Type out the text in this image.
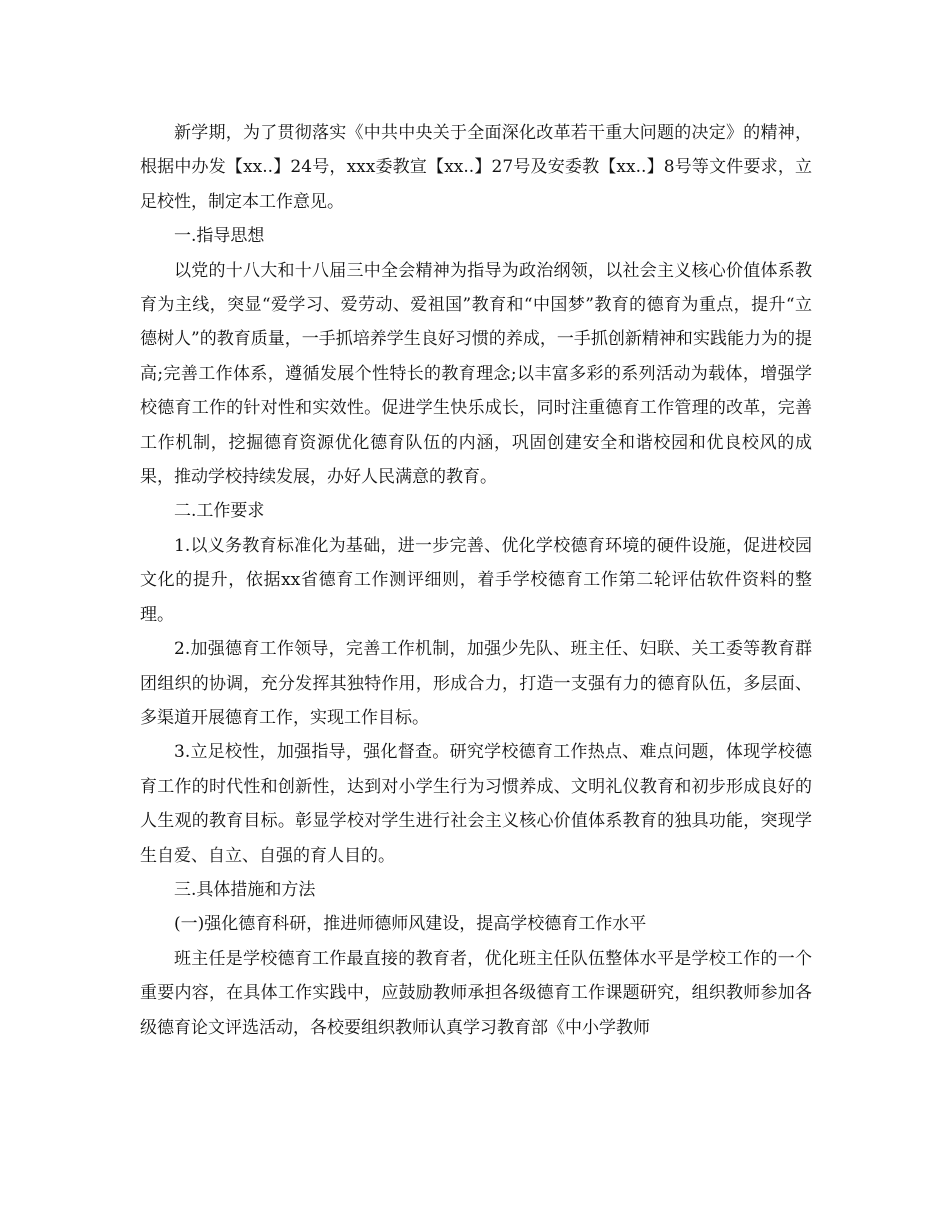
新学期，为了贯彻落实《中共中央关于全面深化改革若干重大问题的决定》的精神，根据中办发【xx..】24号，xxx委教宣【xx..】27号及安委教【xx..】8号等文件要求，立足校性，制定本工作意见。

一.指导思想

以党的十八大和十八届三中全会精神为指导为政治纲领，以社会主义核心价值体系教育为主线，突显“爱学习、爱劳动、爱祖国”教育和“中国梦”教育的德育为重点，提升“立德树人”的教育质量，一手抓培养学生良好习惯的养成，一手抓创新精神和实践能力为的提高;完善工作体系，遵循发展个性特长的教育理念;以丰富多彩的系列活动为载体，增强学校德育工作的针对性和实效性。促进学生快乐成长，同时注重德育工作管理的改革，完善工作机制，挖掘德育资源优化德育队伍的内涵，巩固创建安全和谐校园和优良校风的成果，推动学校持续发展，办好人民满意的教育。

二.工作要求

1.以义务教育标准化为基础，进一步完善、优化学校德育环境的硬件设施，促进校园文化的提升，依据xx省德育工作测评细则，着手学校德育工作第二轮评估软件资料的整理。

2.加强德育工作领导，完善工作机制，加强少先队、班主任、妇联、关工委等教育群团组织的协调，充分发挥其独特作用，形成合力，打造一支强有力的德育队伍，多层面、多渠道开展德育工作，实现工作目标。

3.立足校性，加强指导，强化督查。研究学校德育工作热点、难点问题，体现学校德育工作的时代性和创新性，达到对小学生行为习惯养成、文明礼仪教育和初步形成良好的人生观的教育目标。彰显学校对学生进行社会主义核心价值体系教育的独具功能，突现学生自爱、自立、自强的育人目的。

三.具体措施和方法

(一)强化德育科研，推进师德师风建设，提高学校德育工作水平

班主任是学校德育工作最直接的教育者，优化班主任队伍整体水平是学校工作的一个重要内容，在具体工作实践中，应鼓励教师承担各级德育工作课题研究，组织教师参加各级德育论文评选活动，各校要组织教师认真学习教育部《中小学教师
